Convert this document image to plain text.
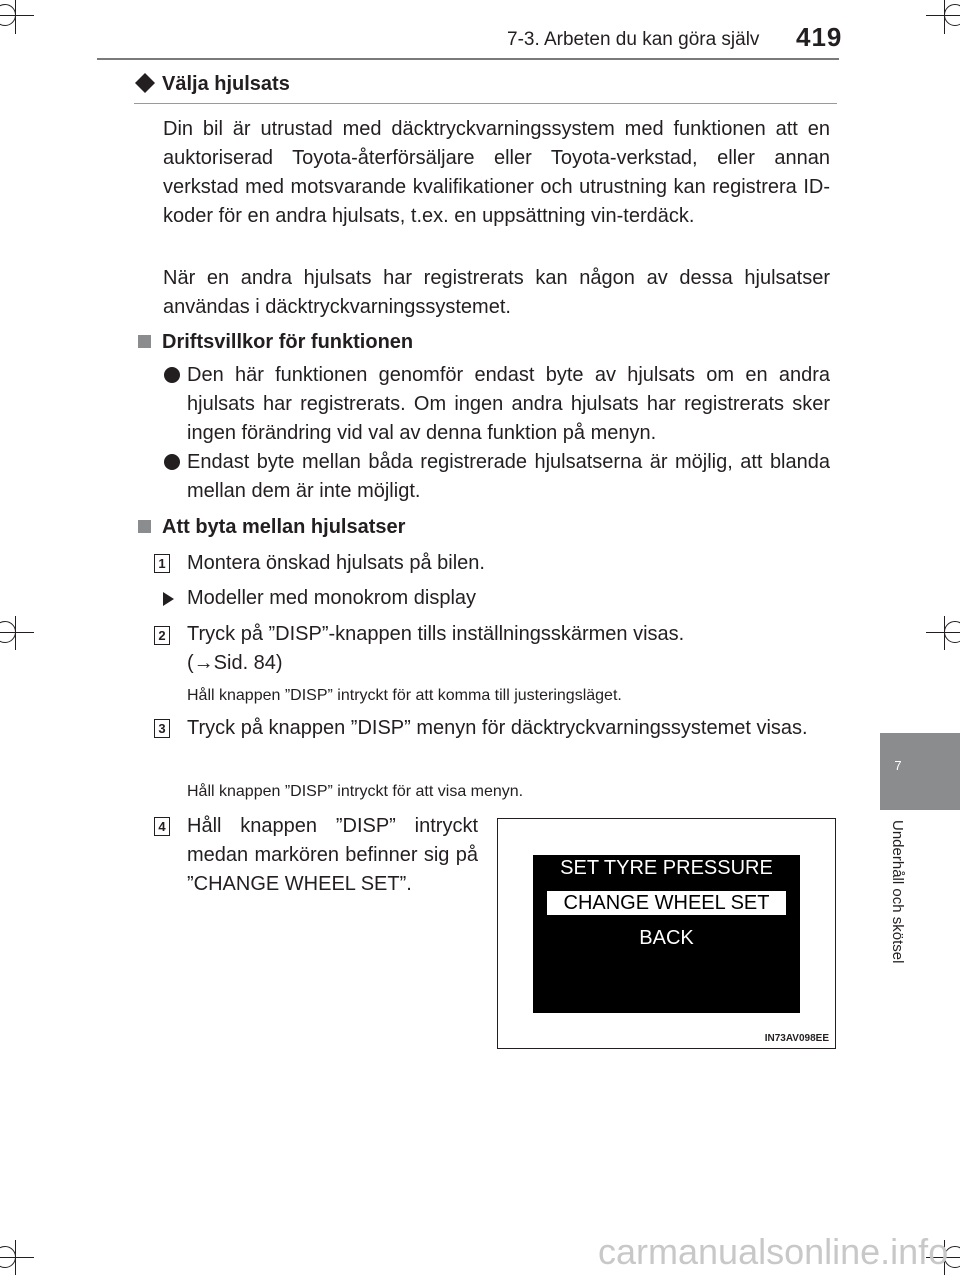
7-3. Arbeten du kan göra själv 419
7
Underhåll och skötsel
Välja hjulsats
Din bil är utrustad med däcktryckvarningssystem med funktionen att en auktoriserad Toyota-återförsäljare eller Toyota-verkstad, eller annan verkstad med motsvarande kvalifikationer och utrustning kan registrera ID-koder för en andra hjulsats, t.ex. en uppsättning vin-terdäck.
När en andra hjulsats har registrerats kan någon av dessa hjulsatser användas i däcktryckvarningssystemet.
Driftsvillkor för funktionen
Den här funktionen genomför endast byte av hjulsats om en andra hjulsats har registrerats. Om ingen andra hjulsats har registrerats sker ingen förändring vid val av denna funktion på menyn.
Endast byte mellan båda registrerade hjulsatserna är möjlig, att blanda mellan dem är inte möjligt.
Att byta mellan hjulsatser
1 Montera önskad hjulsats på bilen.
Modeller med monokrom display
2 Tryck på ”DISP”-knappen tills inställningsskärmen visas. (→Sid. 84)
Håll knappen ”DISP” intryckt för att komma till justeringsläget.
3 Tryck på knappen ”DISP” menyn för däcktryckvarningssystemet visas.
Håll knappen ”DISP” intryckt för att visa menyn.
4 Håll knappen ”DISP” intryckt medan markören befinner sig på ”CHANGE WHEEL SET”.
SET TYRE PRESSURE
CHANGE WHEEL SET
BACK
IN73AV098EE
carmanualsonline.info
